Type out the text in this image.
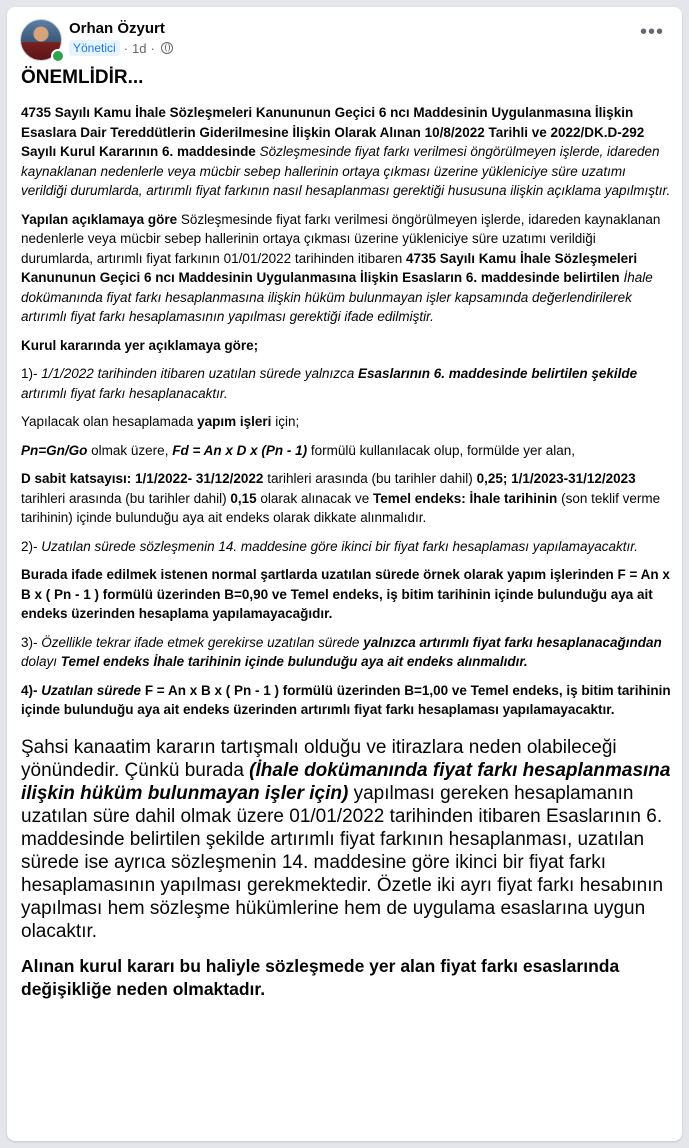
Orhan Özyurt
Yönetici · 1d ·
•••
ÖNEMLİDİR...

4735 Sayılı Kamu İhale Sözleşmeleri Kanununun Geçici 6 ncı Maddesinin Uygulanmasına İlişkin Esaslara Dair Tereddütlerin Giderilmesine İlişkin Olarak Alınan 10/8/2022 Tarihli ve 2022/DK.D-292 Sayılı Kurul Kararının 6. maddesinde Sözleşmesinde fiyat farkı verilmesi öngörülmeyen işlerde, idareden kaynaklanan nedenlerle veya mücbir sebep hallerinin ortaya çıkması üzerine yükleniciye süre uzatımı verildiği durumlarda, artırımlı fiyat farkının nasıl hesaplanması gerektiği hususuna ilişkin açıklama yapılmıştır.

Yapılan açıklamaya göre Sözleşmesinde fiyat farkı verilmesi öngörülmeyen işlerde, idareden kaynaklanan nedenlerle veya mücbir sebep hallerinin ortaya çıkması üzerine yükleniciye süre uzatımı verildiği durumlarda, artırımlı fiyat farkının 01/01/2022 tarihinden itibaren 4735 Sayılı Kamu İhale Sözleşmeleri Kanununun Geçici 6 ncı Maddesinin Uygulanmasına İlişkin Esasların 6. maddesinde belirtilen İhale dokümanında fiyat farkı hesaplanmasına ilişkin hüküm bulunmayan işler kapsamında değerlendirilerek artırımlı fiyat farkı hesaplamasının yapılması gerektiği ifade edilmiştir.

Kurul kararında yer açıklamaya göre;

1)- 1/1/2022 tarihinden itibaren uzatılan sürede yalnızca Esaslarının 6. maddesinde belirtilen şekilde artırımlı fiyat farkı hesaplanacaktır.

Yapılacak olan hesaplamada yapım işleri için;

Pn=Gn/Go olmak üzere, Fd = An x D x (Pn - 1) formülü kullanılacak olup, formülde yer alan,

D sabit katsayısı: 1/1/2022- 31/12/2022 tarihleri arasında (bu tarihler dahil) 0,25; 1/1/2023-31/12/2023 tarihleri arasında (bu tarihler dahil) 0,15 olarak alınacak ve Temel endeks: İhale tarihinin (son teklif verme tarihinin) içinde bulunduğu aya ait endeks olarak dikkate alınmalıdır.

2)- Uzatılan sürede sözleşmenin 14. maddesine göre ikinci bir fiyat farkı hesaplaması yapılamayacaktır.

Burada ifade edilmek istenen normal şartlarda uzatılan sürede örnek olarak yapım işlerinden F = An x B x ( Pn - 1 ) formülü üzerinden B=0,90 ve Temel endeks, iş bitim tarihinin içinde bulunduğu aya ait endeks üzerinden hesaplama yapılamayacağıdır.

3)- Özellikle tekrar ifade etmek gerekirse uzatılan sürede yalnızca artırımlı fiyat farkı hesaplanacağından dolayı Temel endeks İhale tarihinin içinde bulunduğu aya ait endeks alınmalıdır.

4)- Uzatılan sürede F = An x B x ( Pn - 1 ) formülü üzerinden B=1,00 ve Temel endeks, iş bitim tarihinin içinde bulunduğu aya ait endeks üzerinden artırımlı fiyat farkı hesaplaması yapılamayacaktır.

Şahsi kanaatim kararın tartışmalı olduğu ve itirazlara neden olabileceği yönündedir. Çünkü burada (İhale dokümanında fiyat farkı hesaplanmasına ilişkin hüküm bulunmayan işler için) yapılması gereken hesaplamanın uzatılan süre dahil olmak üzere 01/01/2022 tarihinden itibaren Esaslarının 6. maddesinde belirtilen şekilde artırımlı fiyat farkının hesaplanması, uzatılan sürede ise ayrıca sözleşmenin 14. maddesine göre ikinci bir fiyat farkı hesaplamasının yapılması gerekmektedir. Özetle iki ayrı fiyat farkı hesabının yapılması hem sözleşme hükümlerine hem de uygulama esaslarına uygun olacaktır.

Alınan kurul kararı bu haliyle sözleşmede yer alan fiyat farkı esaslarında değişikliğe neden olmaktadır.
